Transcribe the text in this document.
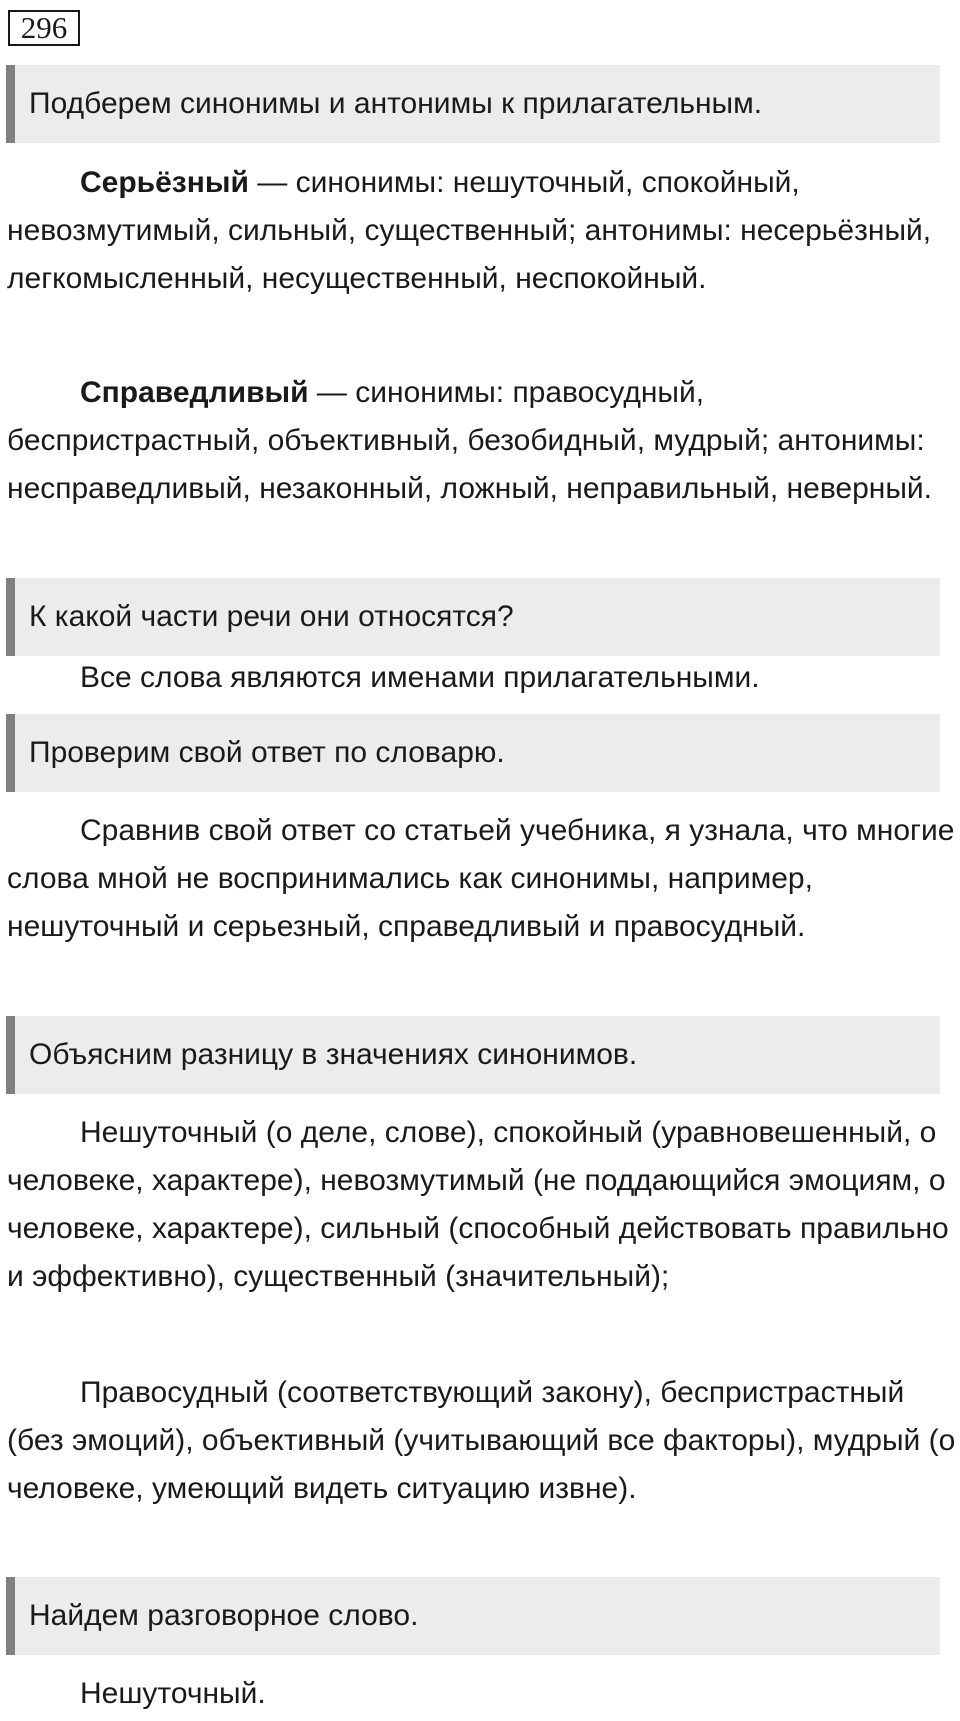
296
Подберем синонимы и антонимы к прилагательным.

Серьёзный — синонимы: нешуточный, спокойный, невозмутимый, сильный, существенный; антонимы: несерьёзный, легкомысленный, несущественный, неспокойный.

Справедливый — синонимы: правосудный, беспристрастный, объективный, безобидный, мудрый; антонимы: несправедливый, незаконный, ложный, неправильный, неверный.

К какой части речи они относятся?

Все слова являются именами прилагательными.

Проверим свой ответ по словарю.

Сравнив свой ответ со статьей учебника, я узнала, что многие слова мной не воспринимались как синонимы, например, нешуточный и серьезный, справедливый и правосудный.

Объясним разницу в значениях синонимов.

Нешуточный (о деле, слове), спокойный (уравновешенный, о человеке, характере), невозмутимый (не поддающийся эмоциям, о человеке, характере), сильный (способный действовать правильно и эффективно), существенный (значительный);

Правосудный (соответствующий закону), беспристрастный (без эмоций), объективный (учитывающий все факторы), мудрый (о человеке, умеющий видеть ситуацию извне).

Найдем разговорное слово.

Нешуточный.
